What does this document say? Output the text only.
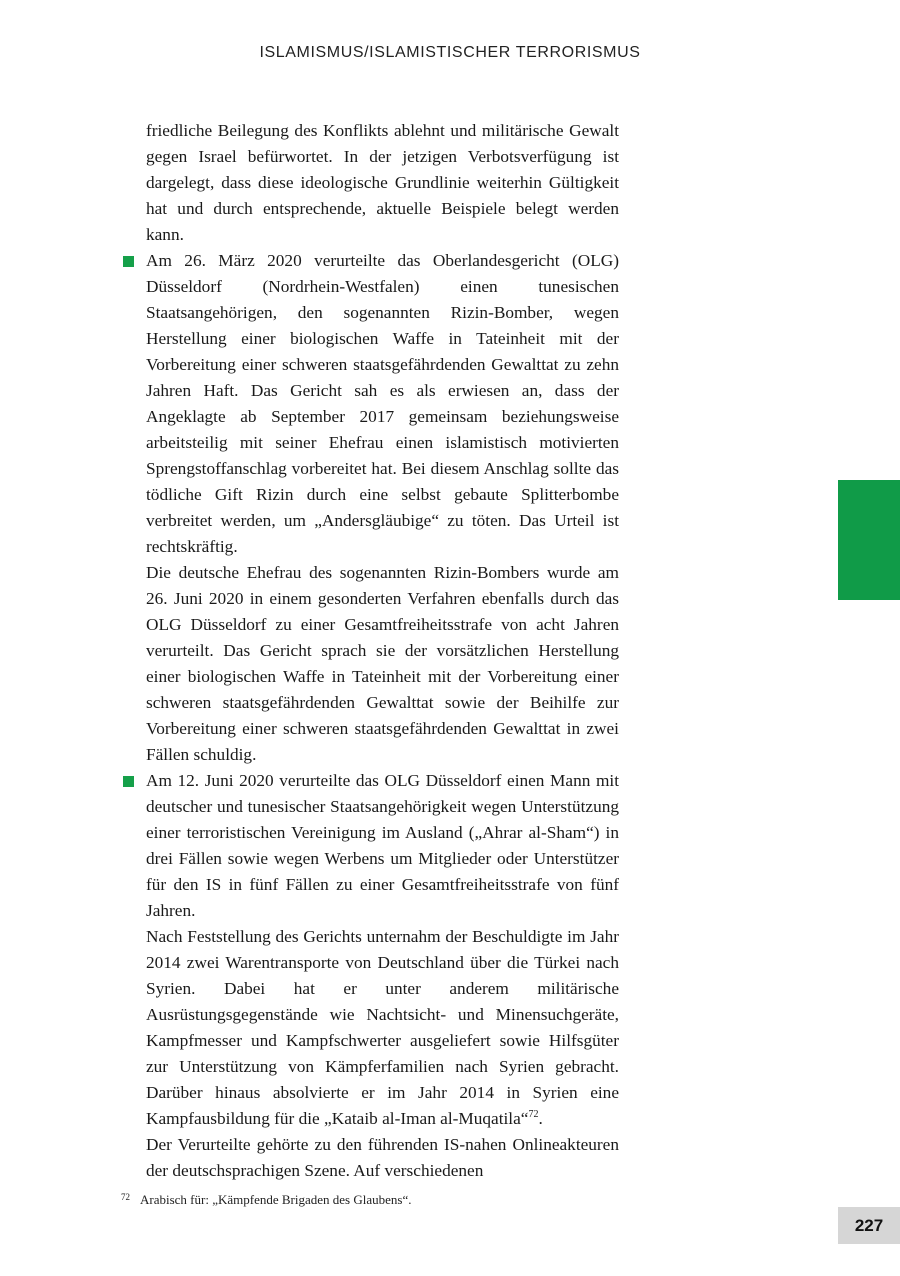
ISLAMISMUS/ISLAMISTISCHER TERRORISMUS

friedliche Beilegung des Konflikts ablehnt und militärische Gewalt gegen Israel befürwortet. In der jetzigen Verbotsverfügung ist dargelegt, dass diese ideologische Grundlinie weiterhin Gültigkeit hat und durch entsprechende, aktuelle Beispiele belegt werden kann.

Am 26. März 2020 verurteilte das Oberlandesgericht (OLG) Düsseldorf (Nordrhein-Westfalen) einen tunesischen Staatsangehörigen, den sogenannten Rizin-Bomber, wegen Herstellung einer biologischen Waffe in Tateinheit mit der Vorbereitung einer schweren staatsgefährdenden Gewalttat zu zehn Jahren Haft. Das Gericht sah es als erwiesen an, dass der Angeklagte ab September 2017 gemeinsam beziehungsweise arbeitsteilig mit seiner Ehefrau einen islamistisch motivierten Sprengstoffanschlag vorbereitet hat. Bei diesem Anschlag sollte das tödliche Gift Rizin durch eine selbst gebaute Splitterbombe verbreitet werden, um „Andersgläubige“ zu töten. Das Urteil ist rechtskräftig.

Die deutsche Ehefrau des sogenannten Rizin-Bombers wurde am 26. Juni 2020 in einem gesonderten Verfahren ebenfalls durch das OLG Düsseldorf zu einer Gesamtfreiheitsstrafe von acht Jahren verurteilt. Das Gericht sprach sie der vorsätzlichen Herstellung einer biologischen Waffe in Tateinheit mit der Vorbereitung einer schweren staatsgefährdenden Gewalttat sowie der Beihilfe zur Vorbereitung einer schweren staatsgefährdenden Gewalttat in zwei Fällen schuldig.

Am 12. Juni 2020 verurteilte das OLG Düsseldorf einen Mann mit deutscher und tunesischer Staatsangehörigkeit wegen Unterstützung einer terroristischen Vereinigung im Ausland („Ahrar al-Sham“) in drei Fällen sowie wegen Werbens um Mitglieder oder Unterstützer für den IS in fünf Fällen zu einer Gesamtfreiheitsstrafe von fünf Jahren.

Nach Feststellung des Gerichts unternahm der Beschuldigte im Jahr 2014 zwei Warentransporte von Deutschland über die Türkei nach Syrien. Dabei hat er unter anderem militärische Ausrüstungsgegenstände wie Nachtsicht- und Minensuchgeräte, Kampfmesser und Kampfschwerter ausgeliefert sowie Hilfsgüter zur Unterstützung von Kämpferfamilien nach Syrien gebracht. Darüber hinaus absolvierte er im Jahr 2014 in Syrien eine Kampfausbildung für die „Kataib al-Iman al-Muqatila“$^{72}$.

Der Verurteilte gehörte zu den führenden IS-nahen Onlineakteuren der deutschsprachigen Szene. Auf verschiedenen

$^{72}$ Arabisch für: „Kämpfende Brigaden des Glaubens“.
227
